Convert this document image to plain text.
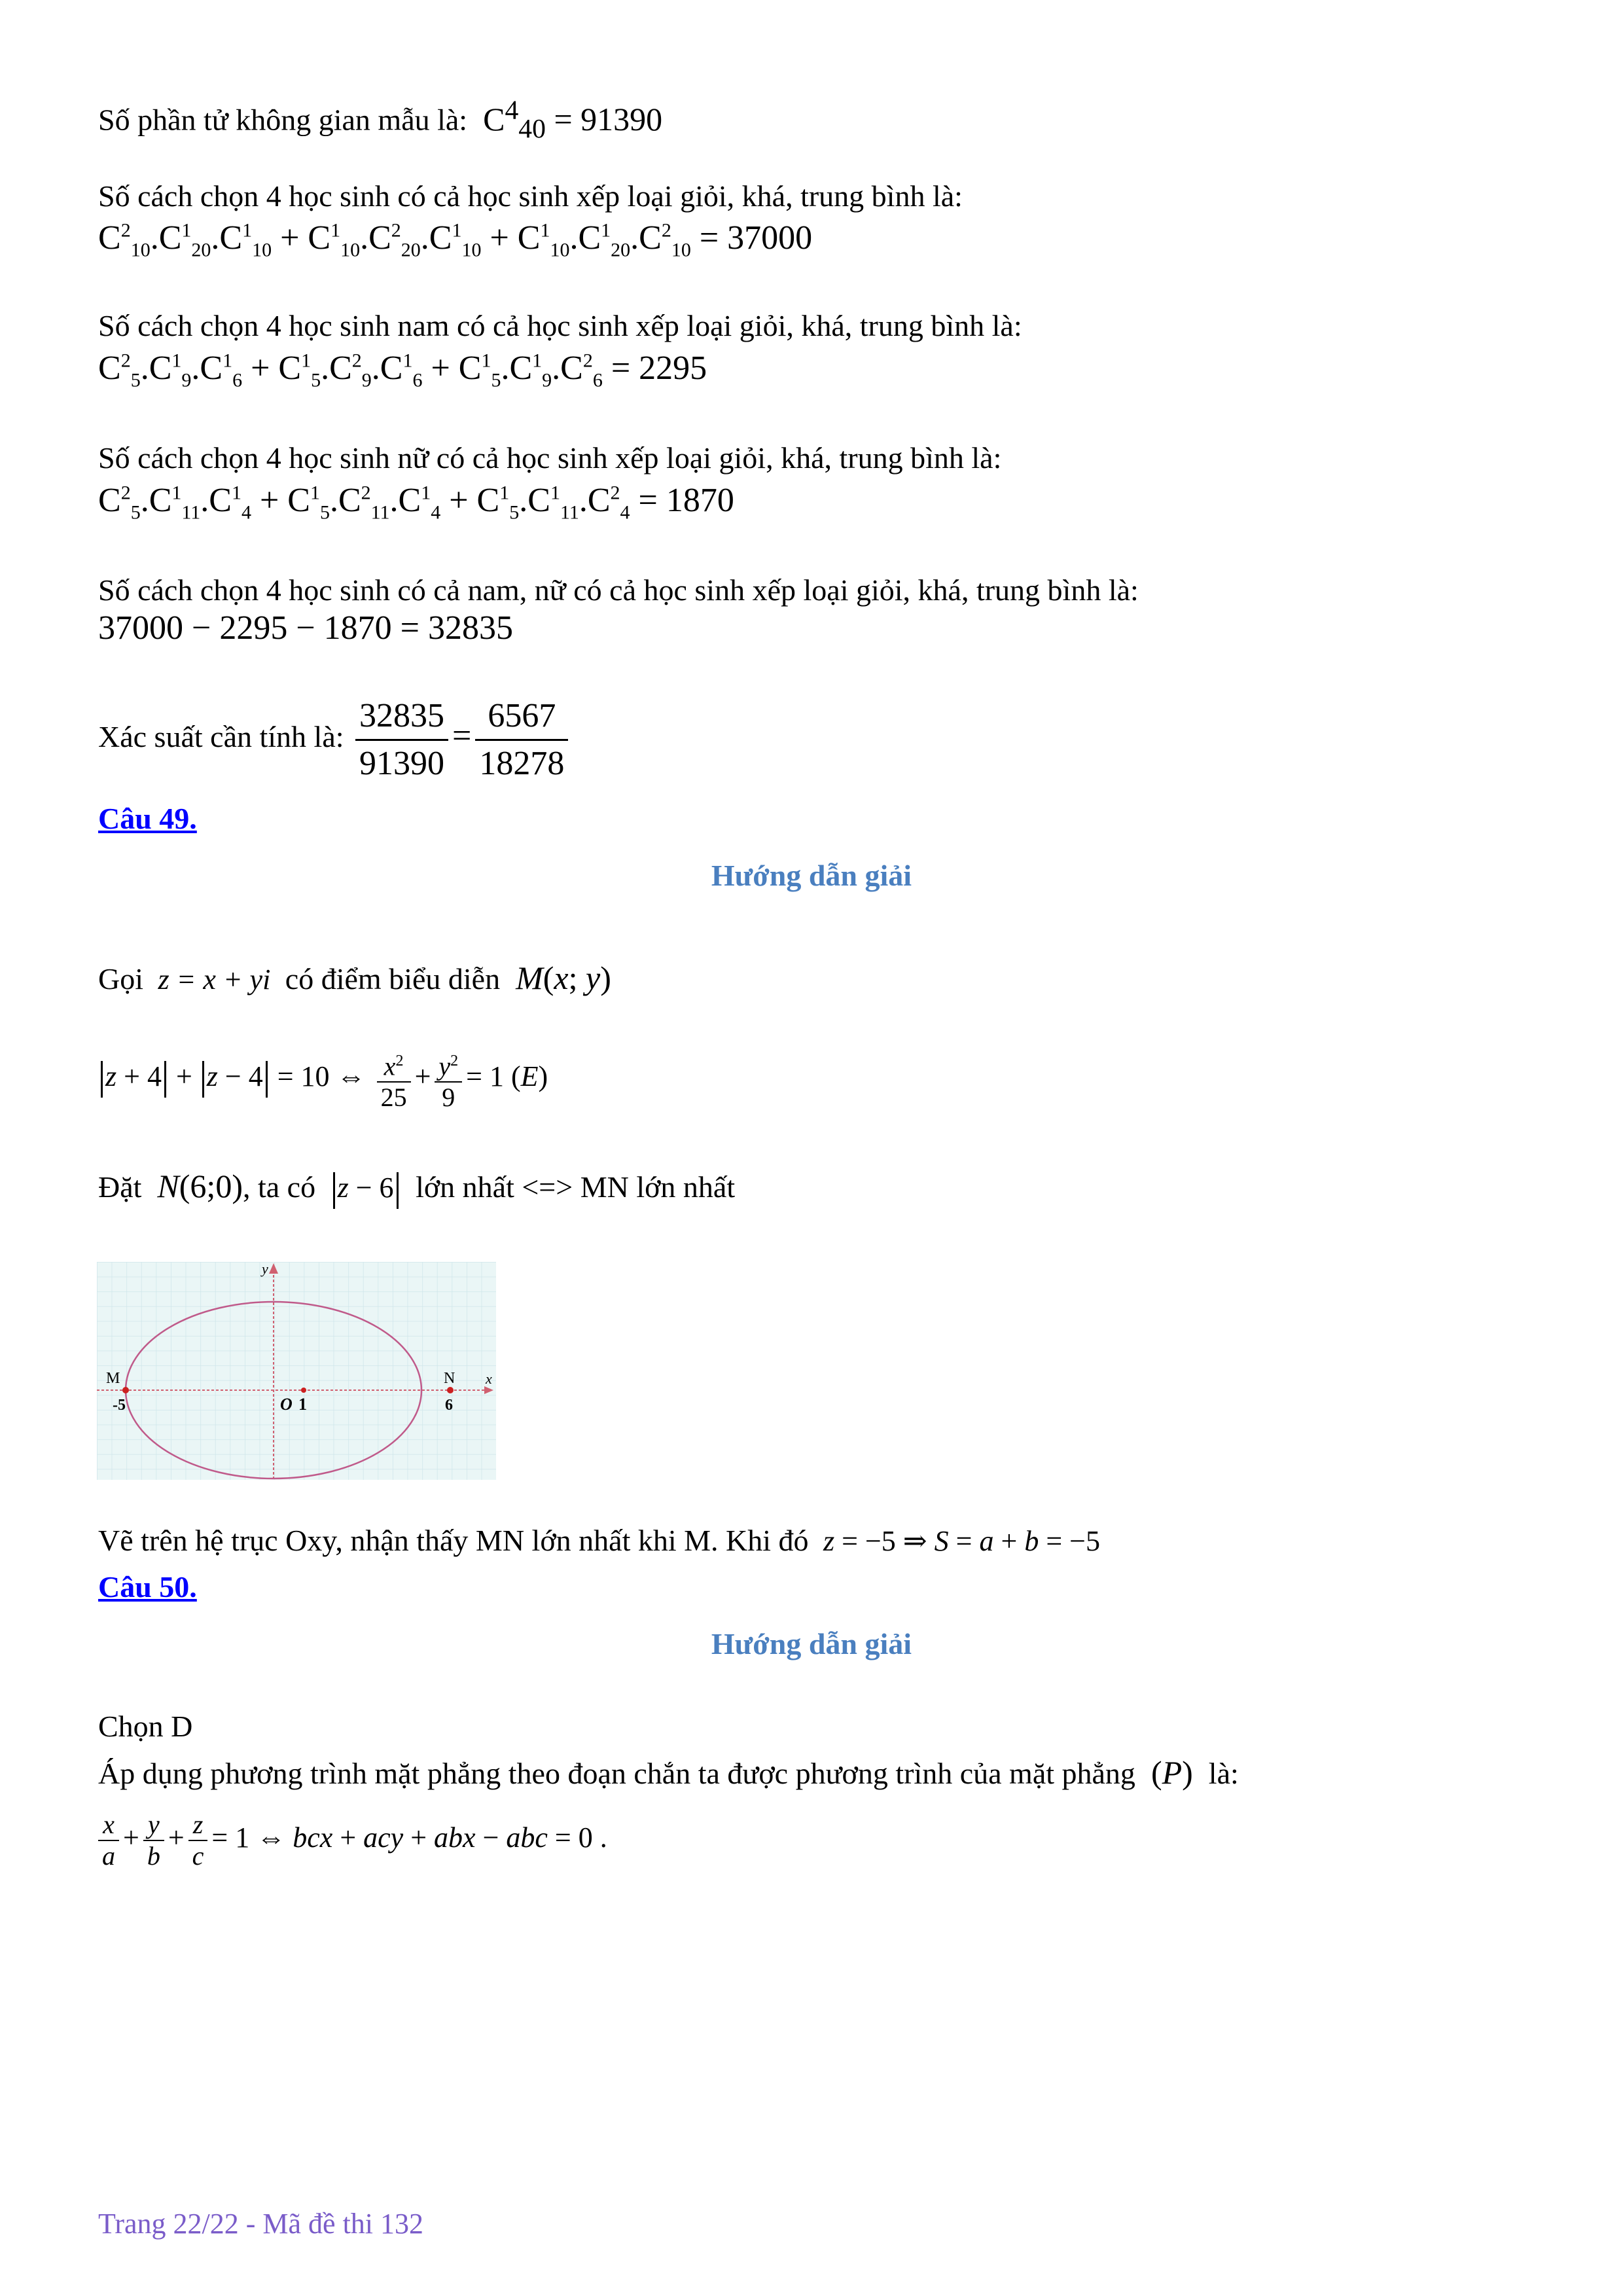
Số phần tử không gian mẫu là:  $C^4_{40} = 91390$
Số cách chọn 4 học sinh có cả học sinh xếp loại giỏi, khá, trung bình là:
$C^2_{10}.C^1_{20}.C^1_{10} + C^1_{10}.C^2_{20}.C^1_{10} + C^1_{10}.C^1_{20}.C^2_{10} = 37000$
Số cách chọn 4 học sinh nam có cả học sinh xếp loại giỏi, khá, trung bình là:
$C^2_5.C^1_9.C^1_6 + C^1_5.C^2_9.C^1_6 + C^1_5.C^1_9.C^2_6 = 2295$
Số cách chọn 4 học sinh nữ có cả học sinh xếp loại giỏi, khá, trung bình là:
$C^2_5.C^1_{11}.C^1_4 + C^1_5.C^2_{11}.C^1_4 + C^1_5.C^1_{11}.C^2_4 = 1870$
Số cách chọn 4 học sinh có cả nam, nữ có cả học sinh xếp loại giỏi, khá, trung bình là:
37000 − 2295 − 1870 = 32835
Xác suất cần tính là: $\frac{32835}{91390} = \frac{6567}{18278}$
Câu 49.
Hướng dẫn giải
Gọi  z = x + yi  có điểm biểu diễn M(x; y)
z + 4 + z − 4 = 10 ⇔ $\frac{x^2}{25} + \frac{y^2}{9} = 1$ (E)
Đặt N(6;0), ta có z − 6 lớn nhất <=> MN lớn nhất
y
x
M	N
-5	O 1	6
Vẽ trên hệ trục Oxy, nhận thấy MN lớn nhất khi M. Khi đó z = −5 ⇒ S = a + b = −5
Câu 50.
Hướng dẫn giải
Chọn D
Áp dụng phương trình mặt phẳng theo đoạn chắn ta được phương trình của mặt phẳng  (P)  là:
$\frac{x}{a} + \frac{y}{b} + \frac{z}{c} = 1$ ⇔ bcx + acy + abx − abc = 0 .
Trang 22/22 - Mã đề thi 132
